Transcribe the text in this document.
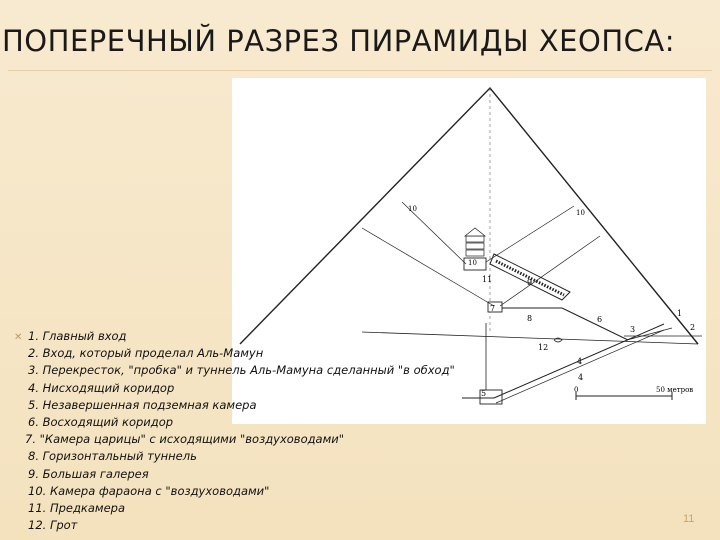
ПОПЕРЕЧНЫЙ РАЗРЕЗ ПИРАМИДЫ ХЕОПСА:
1
2
3
4
4
5
6
7
8
9
10	10
10
11
12
0	50 метров
✕ 1. Главный вход
2. Вход, который проделал Аль-Мамун
3. Перекресток, "пробка" и туннель Аль-Мамуна сделанный "в обход"
4. Нисходящий коридор
5. Незавершенная подземная камера
6. Восходящий коридор
7. "Камера царицы" с исходящими "воздуховодами"
8. Горизонтальный туннель
9. Большая галерея
10. Камера фараона с "воздуховодами"
11. Предкамера
12. Грот	11
